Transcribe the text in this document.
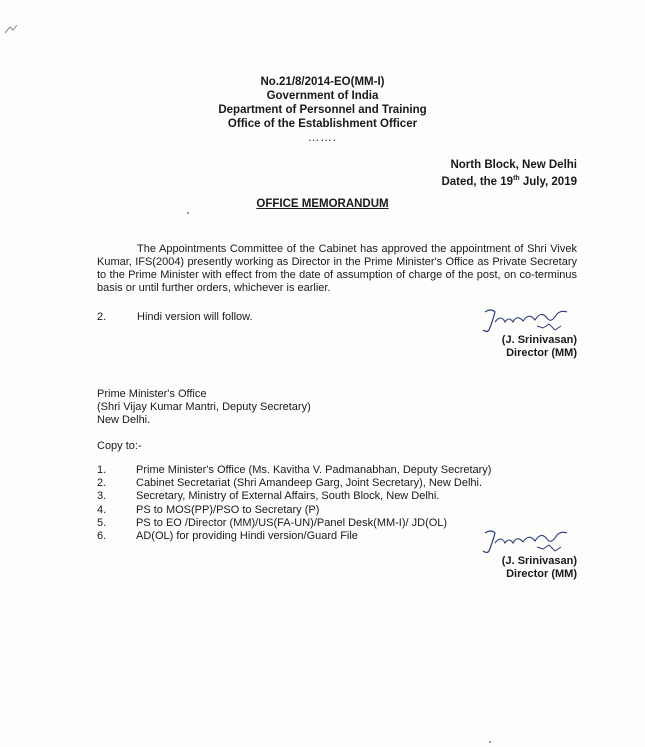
No.21/8/2014-EO(MM-I)
Government of India
Department of Personnel and Training
Office of the Establishment Officer
…….
North Block, New Delhi
Dated, the 19th July, 2019
OFFICE MEMORANDUM
The Appointments Committee of the Cabinet has approved the appointment of Shri Vivek Kumar, IFS(2004) presently working as Director in the Prime Minister's Office as Private Secretary to the Prime Minister with effect from the date of assumption of charge of the post, on co-terminus basis or until further orders, whichever is earlier.
2.	Hindi version will follow.
(J. Srinivasan)
Director (MM)
Prime Minister's Office
(Shri Vijay Kumar Mantri, Deputy Secretary)
New Delhi.
Copy to:-
1.	Prime Minister's Office (Ms. Kavitha V. Padmanabhan, Deputy Secretary)
2.	Cabinet Secretariat (Shri Amandeep Garg, Joint Secretary), New Delhi.
3.	Secretary, Ministry of External Affairs, South Block, New Delhi.
4.	PS to MOS(PP)/PSO to Secretary (P)
5.	PS to EO /Director (MM)/US(FA-UN)/Panel Desk(MM-I)/ JD(OL)
6.	AD(OL) for providing Hindi version/Guard File
(J. Srinivasan)
Director (MM)
